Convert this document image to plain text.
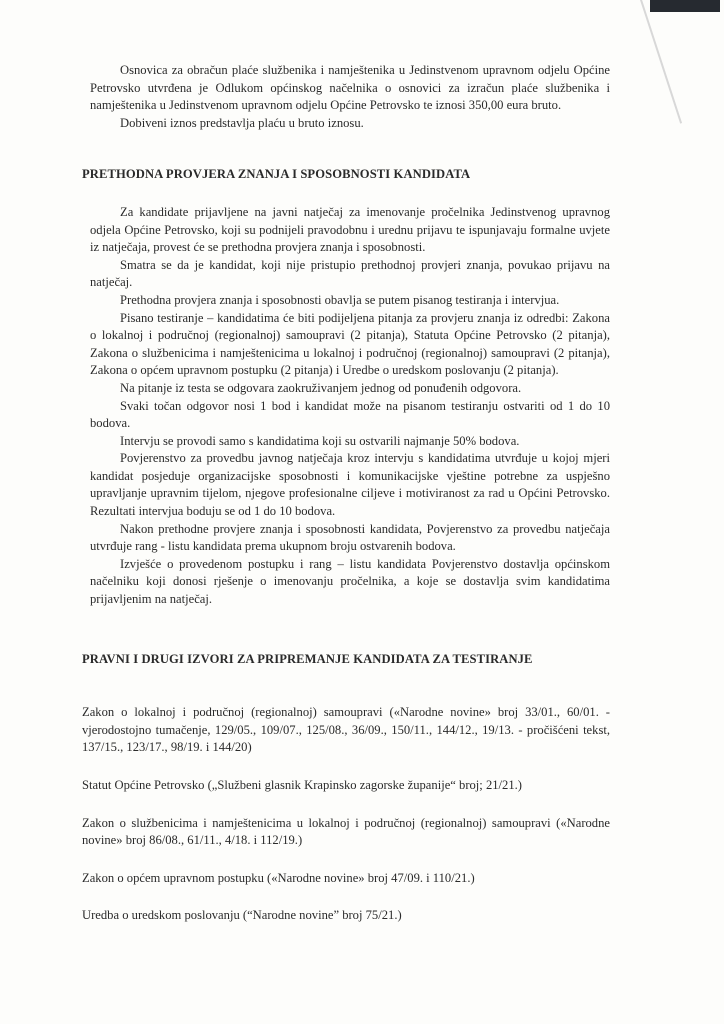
Osnovica za obračun plaće službenika i namještenika u Jedinstvenom upravnom odjelu Općine Petrovsko utvrđena je Odlukom općinskog načelnika o osnovici za izračun plaće službenika i namještenika u Jedinstvenom upravnom odjelu Općine Petrovsko te iznosi 350,00 eura bruto.

Dobiveni iznos predstavlja plaću u bruto iznosu.

PRETHODNA PROVJERA ZNANJA I SPOSOBNOSTI KANDIDATA

Za kandidate prijavljene na javni natječaj za imenovanje pročelnika Jedinstvenog upravnog odjela Općine Petrovsko, koji su podnijeli pravodobnu i urednu prijavu te ispunjavaju formalne uvjete iz natječaja, provest će se prethodna provjera znanja i sposobnosti.

Smatra se da je kandidat, koji nije pristupio prethodnoj provjeri znanja, povukao prijavu na natječaj.

Prethodna provjera znanja i sposobnosti obavlja se putem pisanog testiranja i intervjua.

Pisano testiranje – kandidatima će biti podijeljena pitanja za provjeru znanja iz odredbi: Zakona o lokalnoj i područnoj (regionalnoj) samoupravi (2 pitanja), Statuta Općine Petrovsko (2 pitanja), Zakona o službenicima i namještenicima u lokalnoj i područnoj (regionalnoj) samoupravi (2 pitanja), Zakona o općem upravnom postupku (2 pitanja) i Uredbe o uredskom poslovanju (2 pitanja).

Na pitanje iz testa se odgovara zaokruživanjem jednog od ponuđenih odgovora.

Svaki točan odgovor nosi 1 bod i kandidat može na pisanom testiranju ostvariti od 1 do 10 bodova.

Intervju se provodi samo s kandidatima koji su ostvarili najmanje 50% bodova.

Povjerenstvo za provedbu javnog natječaja kroz intervju s kandidatima utvrđuje u kojoj mjeri kandidat posjeduje organizacijske sposobnosti i komunikacijske vještine potrebne za uspješno upravljanje upravnim tijelom, njegove profesionalne ciljeve i motiviranost za rad u Općini Petrovsko. Rezultati intervjua boduju se od 1 do 10 bodova.

Nakon prethodne provjere znanja i sposobnosti kandidata, Povjerenstvo za provedbu natječaja utvrđuje rang - listu kandidata prema ukupnom broju ostvarenih bodova.

Izvješće o provedenom postupku i rang – listu kandidata Povjerenstvo dostavlja općinskom načelniku koji donosi rješenje o imenovanju pročelnika, a koje se dostavlja svim kandidatima prijavljenim na natječaj.

PRAVNI I DRUGI IZVORI ZA PRIPREMANJE KANDIDATA ZA TESTIRANJE

Zakon o lokalnoj i područnoj (regionalnoj) samoupravi («Narodne novine» broj 33/01., 60/01. - vjerodostojno tumačenje, 129/05., 109/07., 125/08., 36/09., 150/11., 144/12., 19/13. - pročišćeni tekst, 137/15., 123/17., 98/19. i 144/20)

Statut Općine Petrovsko („Službeni glasnik Krapinsko zagorske županije“ broj; 21/21.)

Zakon o službenicima i namještenicima u lokalnoj i područnoj (regionalnoj) samoupravi («Narodne novine» broj 86/08., 61/11., 4/18. i 112/19.)

Zakon o općem upravnom postupku («Narodne novine» broj 47/09. i 110/21.)

Uredba o uredskom poslovanju (“Narodne novine” broj 75/21.)
